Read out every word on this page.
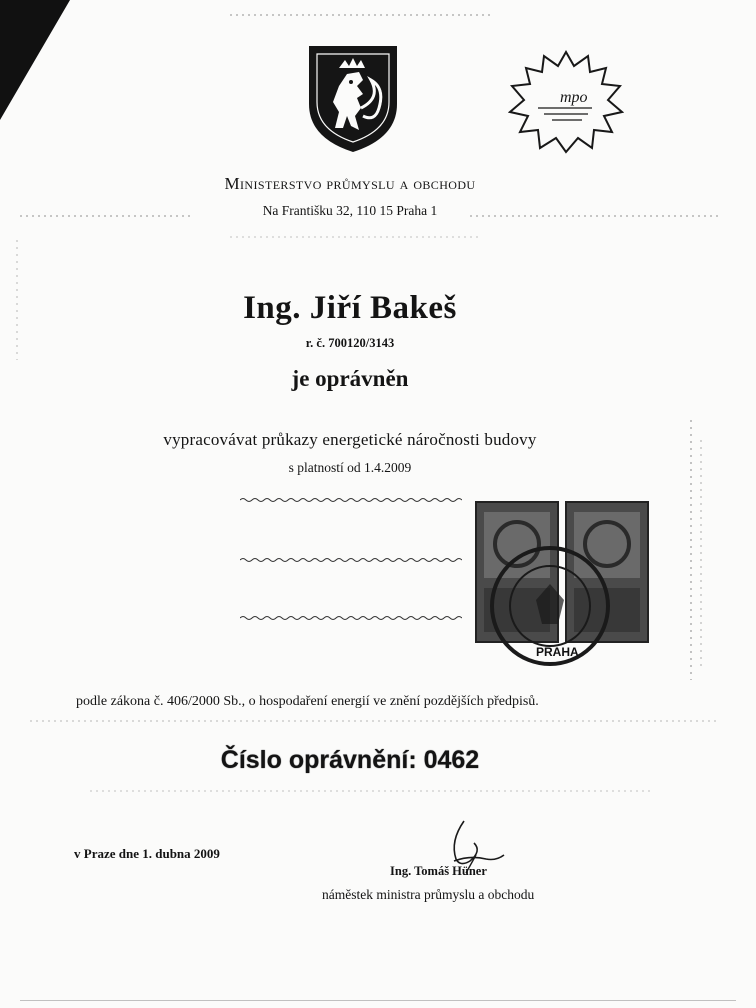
mpo
Ministerstvo průmyslu a obchodu
Na Františku 32, 110 15 Praha 1
Ing. Jiří Bakeš
r. č. 700120/3143
je oprávněn
vypracovávat průkazy energetické náročnosti budovy
s platností od 1.4.2009
PRAHA
podle zákona č. 406/2000 Sb., o hospodaření energií ve znění pozdějších předpisů.
Číslo oprávnění: 0462
v Praze dne 1. dubna 2009
Ing. Tomáš Hüner
náměstek ministra průmyslu a obchodu
